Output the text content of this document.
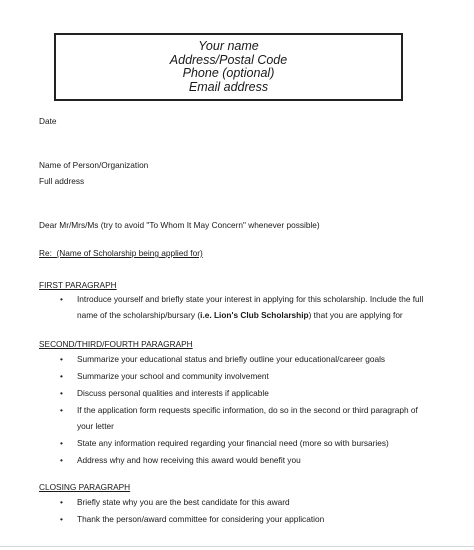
Your name
Address/Postal Code
Phone (optional)
Email address
Date
Name of Person/Organization
Full address
Dear Mr/Mrs/Ms (try to avoid "To Whom It May Concern" whenever possible)
Re: (Name of Scholarship being applied for)
FIRST PARAGRAPH
• Introduce yourself and briefly state your interest in applying for this scholarship. Include the full
name of the scholarship/bursary (i.e. Lion's Club Scholarship) that you are applying for
SECOND/THIRD/FOURTH PARAGRAPH
• Summarize your educational status and briefly outline your educational/career goals
• Summarize your school and community involvement
• Discuss personal qualities and interests if applicable
• If the application form requests specific information, do so in the second or third paragraph of
your letter
• State any information required regarding your financial need (more so with bursaries)
• Address why and how receiving this award would benefit you
CLOSING PARAGRAPH
• Briefly state why you are the best candidate for this award
• Thank the person/award committee for considering your application
